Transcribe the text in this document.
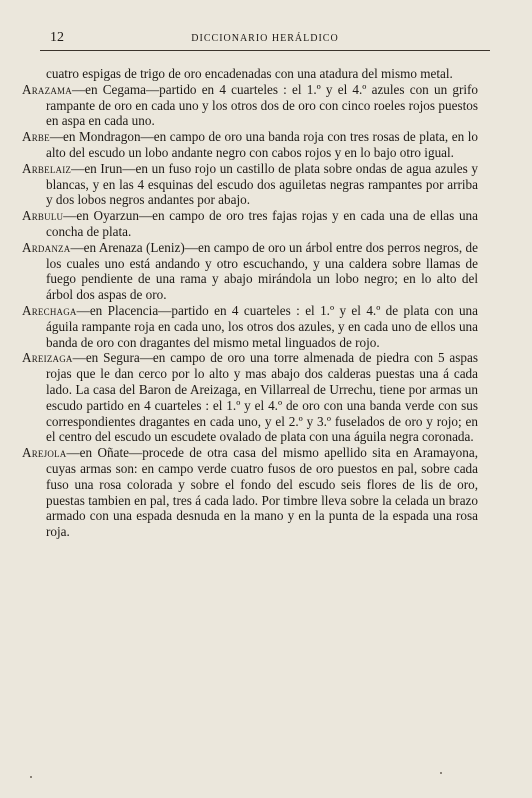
12	DICCIONARIO HERÁLDICO

cuatro espigas de trigo de oro encadenadas con una atadura del mismo metal.

Arazama—en Cegama—partido en 4 cuarteles : el 1.º y el 4.º azules con un grifo rampante de oro en cada uno y los otros dos de oro con cinco roeles rojos puestos en aspa en cada uno.

Arbe—en Mondragon—en campo de oro una banda roja con tres rosas de plata, en lo alto del escudo un lobo andante negro con cabos rojos y en lo bajo otro igual.

Arbelaiz—en Irun—en un fuso rojo un castillo de plata sobre ondas de agua azules y blancas, y en las 4 esquinas del escudo dos aguiletas negras rampantes por arriba y dos lobos negros andantes por abajo.

Arbulu—en Oyarzun—en campo de oro tres fajas rojas y en cada una de ellas una concha de plata.

Ardanza—en Arenaza (Leniz)—en campo de oro un árbol entre dos perros negros, de los cuales uno está andando y otro escuchando, y una caldera sobre llamas de fuego pendiente de una rama y abajo mirándola un lobo negro; en lo alto del árbol dos aspas de oro.

Arechaga—en Placencia—partido en 4 cuarteles : el 1.º y el 4.º de plata con una águila rampante roja en cada uno, los otros dos azules, y en cada uno de ellos una banda de oro con dragantes del mismo metal linguados de rojo.

Areizaga—en Segura—en campo de oro una torre almenada de piedra con 5 aspas rojas que le dan cerco por lo alto y mas abajo dos calderas puestas una á cada lado. La casa del Baron de Areizaga, en Villarreal de Urrechu, tiene por armas un escudo partido en 4 cuarteles : el 1.º y el 4.º de oro con una banda verde con sus correspondientes dragantes en cada uno, y el 2.º y 3.º fuselados de oro y rojo; en el centro del escudo un escudete ovalado de plata con una águila negra coronada.

Arejola—en Oñate—procede de otra casa del mismo apellido sita en Aramayona, cuyas armas son: en campo verde cuatro fusos de oro puestos en pal, sobre cada fuso una rosa colorada y sobre el fondo del escudo seis flores de lis de oro, puestas tambien en pal, tres á cada lado. Por timbre lleva sobre la celada un brazo armado con una espada desnuda en la mano y en la punta de la espada una rosa roja.
